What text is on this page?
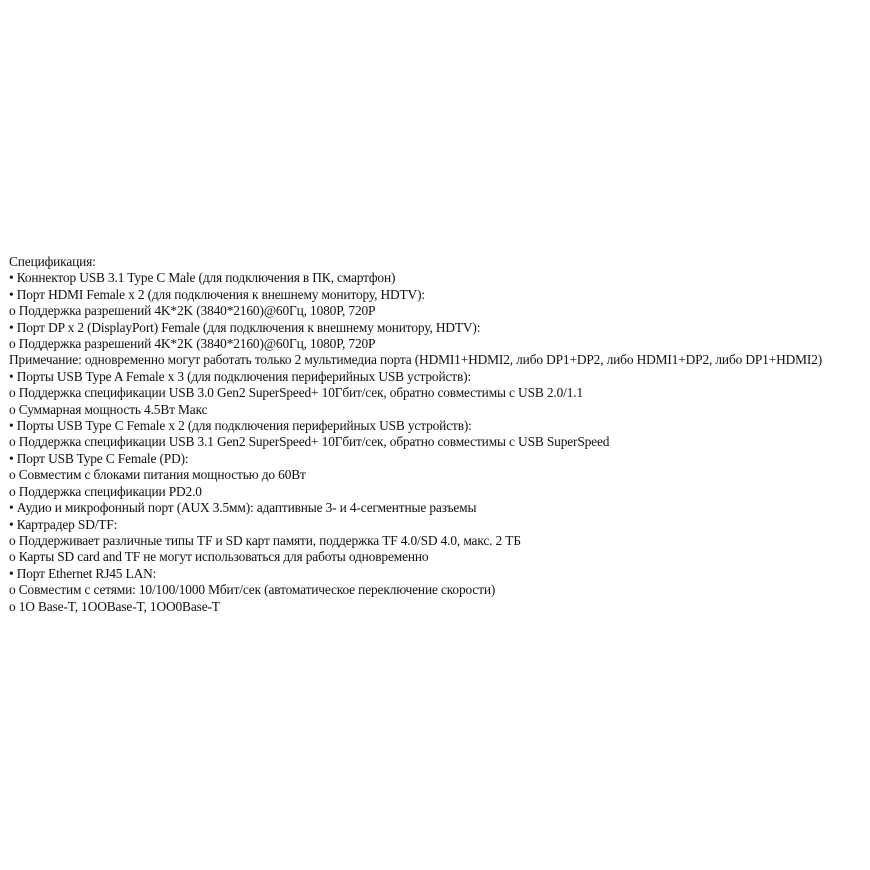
Спецификация:
• Коннектор USB 3.1 Type C Male (для подключения в ПК, смартфон)
• Порт HDMI Female x 2 (для подключения к внешнему монитору, HDTV):
o Поддержка разрешений 4K*2K (3840*2160)@60Гц, 1080P, 720P
• Порт DP x 2 (DisplayPort) Female (для подключения к внешнему монитору, HDTV):
o Поддержка разрешений 4K*2K (3840*2160)@60Гц, 1080P, 720P
Примечание: одновременно могут работать только 2 мультимедиа порта (HDMI1+HDMI2, либо DP1+DP2, либо HDMI1+DP2, либо DP1+HDMI2)
• Порты USB Type A Female x 3 (для подключения периферийных USB устройств):
o Поддержка спецификации USB 3.0 Gen2 SuperSpeed+ 10Гбит/сек, обратно совместимы с USB 2.0/1.1
o Суммарная мощность 4.5Вт Макс
• Порты USB Type C Female x 2 (для подключения периферийных USB устройств):
o Поддержка спецификации USB 3.1 Gen2 SuperSpeed+ 10Гбит/сек, обратно совместимы с USB SuperSpeed
• Порт USB Type C Female (PD):
o Совместим с блоками питания мощностью до 60Вт
o Поддержка спецификации PD2.0
• Аудио и микрофонный порт (AUX 3.5мм): адаптивные 3- и 4-сегментные разъемы
• Картрадер SD/TF:
o Поддерживает различные типы TF и SD карт памяти, поддержка TF 4.0/SD 4.0, макс. 2 ТБ
o Карты SD card and TF не могут использоваться для работы одновременно
• Порт Ethernet RJ45 LAN:
o Совместим с сетями: 10/100/1000 Мбит/сек (автоматическое переключение скорости)
o 1O Base-T, 1OOBase-T, 1OO0Base-T
